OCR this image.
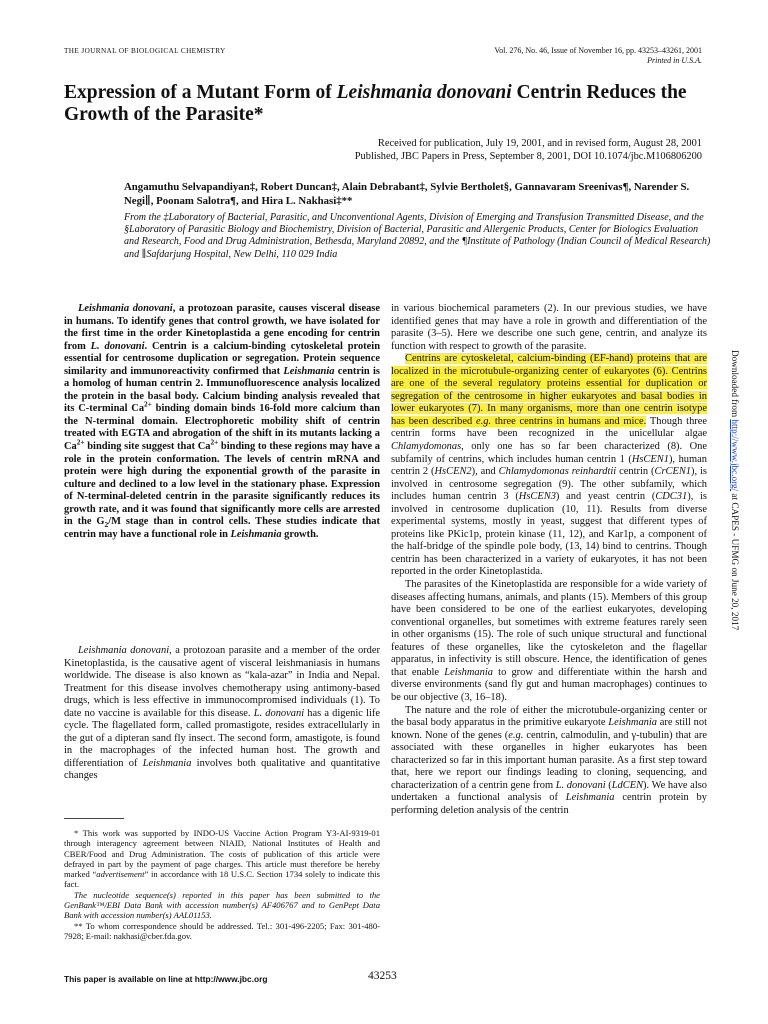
THE JOURNAL OF BIOLOGICAL CHEMISTRY	Vol. 276, No. 46, Issue of November 16, pp. 43253–43261, 2001
Printed in U.S.A.
Expression of a Mutant Form of Leishmania donovani Centrin Reduces the Growth of the Parasite*
Received for publication, July 19, 2001, and in revised form, August 28, 2001
Published, JBC Papers in Press, September 8, 2001, DOI 10.1074/jbc.M106806200
Angamuthu Selvapandiyan‡, Robert Duncan‡, Alain Debrabant‡, Sylvie Bertholet§, Gannavaram Sreenivas¶, Narender S. Negi∥, Poonam Salotra¶, and Hira L. Nakhasi‡**
From the ‡Laboratory of Bacterial, Parasitic, and Unconventional Agents, Division of Emerging and Transfusion Transmitted Disease, and the §Laboratory of Parasitic Biology and Biochemistry, Division of Bacterial, Parasitic and Allergenic Products, Center for Biologics Evaluation and Research, Food and Drug Administration, Bethesda, Maryland 20892, and the ¶Institute of Pathology (Indian Council of Medical Research) and ∥Safdarjung Hospital, New Delhi, 110 029 India
Leishmania donovani, a protozoan parasite, causes visceral disease in humans. To identify genes that control growth, we have isolated for the first time in the order Kinetoplastida a gene encoding for centrin from L. donovani. Centrin is a calcium-binding cytoskeletal protein essential for centrosome duplication or segregation. Protein sequence similarity and immunoreactivity confirmed that Leishmania centrin is a homolog of human centrin 2. Immunofluorescence analysis localized the protein in the basal body. Calcium binding analysis revealed that its C-terminal $Ca^{2+}$ binding domain binds 16-fold more calcium than the N-terminal domain. Electrophoretic mobility shift of centrin treated with EGTA and abrogation of the shift in its mutants lacking a $Ca^{2+}$ binding site suggest that $Ca^{2+}$ binding to these regions may have a role in the protein conformation. The levels of centrin mRNA and protein were high during the exponential growth of the parasite in culture and declined to a low level in the stationary phase. Expression of N-terminal-deleted centrin in the parasite significantly reduces its growth rate, and it was found that significantly more cells are arrested in the $G_2/M$ stage than in control cells. These studies indicate that centrin may have a functional role in Leishmania growth.
Leishmania donovani, a protozoan parasite and a member of the order Kinetoplastida, is the causative agent of visceral leishmaniasis in humans worldwide. The disease is also known as “kala-azar” in India and Nepal. Treatment for this disease involves chemotherapy using antimony-based drugs, which is less effective in immunocompromised individuals (1). To date no vaccine is available for this disease. L. donovani has a digenic life cycle. The flagellated form, called promastigote, resides extracellularly in the gut of a dipteran sand fly insect. The second form, amastigote, is found in the macrophages of the infected human host. The growth and differentiation of Leishmania involves both qualitative and quantitative changes

in various biochemical parameters (2). In our previous studies, we have identified genes that may have a role in growth and differentiation of the parasite (3–5). Here we describe one such gene, centrin, and analyze its function with respect to growth of the parasite.

Centrins are cytoskeletal, calcium-binding (EF-hand) proteins that are localized in the microtubule-organizing center of eukaryotes (6). Centrins are one of the several regulatory proteins essential for duplication or segregation of the centrosome in higher eukaryotes and basal bodies in lower eukaryotes (7). In many organisms, more than one centrin isotype has been described e.g. three centrins in humans and mice. Though three centrin forms have been recognized in the unicellular algae Chlamydomonas, only one has so far been characterized (8). One subfamily of centrins, which includes human centrin 1 (HsCEN1), human centrin 2 (HsCEN2), and Chlamydomonas reinhardtii centrin (CrCEN1), is involved in centrosome segregation (9). The other subfamily, which includes human centrin 3 (HsCEN3) and yeast centrin (CDC31), is involved in centrosome duplication (10, 11). Results from diverse experimental systems, mostly in yeast, suggest that different types of proteins like PKic1p, protein kinase (11, 12), and Kar1p, a component of the half-bridge of the spindle pole body, (13, 14) bind to centrins. Though centrin has been characterized in a variety of eukaryotes, it has not been reported in the order Kinetoplastida.

The parasites of the Kinetoplastida are responsible for a wide variety of diseases affecting humans, animals, and plants (15). Members of this group have been considered to be one of the earliest eukaryotes, developing conventional organelles, but sometimes with extreme features rarely seen in other organisms (15). The role of such unique structural and functional features of these organelles, like the cytoskeleton and the flagellar apparatus, in infectivity is still obscure. Hence, the identification of genes that enable Leishmania to grow and differentiate within the harsh and diverse environments (sand fly gut and human macrophages) continues to be our objective (3, 16–18).

The nature and the role of either the microtubule-organizing center or the basal body apparatus in the primitive eukaryote Leishmania are still not known. None of the genes (e.g. centrin, calmodulin, and γ-tubulin) that are associated with these organelles in higher eukaryotes has been characterized so far in this important human parasite. As a first step toward that, here we report our findings leading to cloning, sequencing, and characterization of a centrin gene from L. donovani (LdCEN). We have also undertaken a functional analysis of Leishmania centrin protein by performing deletion analysis of the centrin

* This work was supported by INDO-US Vaccine Action Program Y3-AI-9319-01 through interagency agreement between NIAID, National Institutes of Health and CBER/Food and Drug Administration. The costs of publication of this article were defrayed in part by the payment of page charges. This article must therefore be hereby marked “advertisement” in accordance with 18 U.S.C. Section 1734 solely to indicate this fact.

The nucleotide sequence(s) reported in this paper has been submitted to the GenBank™/EBI Data Bank with accession number(s) AF406767 and to GenPept Data Bank with accession number(s) AAL01153.

** To whom correspondence should be addressed. Tel.: 301-496-2205; Fax: 301-480-7928; E-mail: nakhasi@cber.fda.gov.

This paper is available on line at http://www.jbc.org	43253
Downloaded from http://www.jbc.org/ at CAPES - UFMG on June 20, 2017
